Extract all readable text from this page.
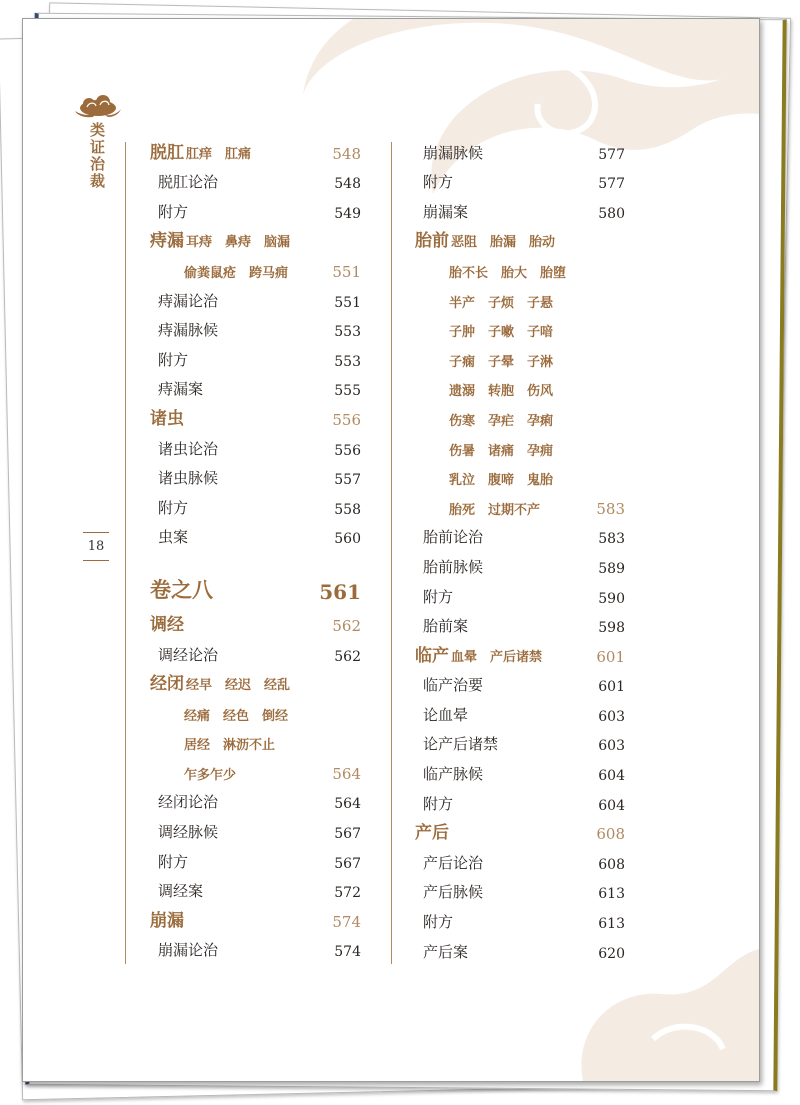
类证治裁
18
脱肛 肛痒　肛痛	548
脱肛论治	548
附方	549
痔漏 耳痔　鼻痔　脑漏
偷粪鼠疮　跨马痈	551
痔漏论治	551
痔漏脉候	553
附方	553
痔漏案	555
诸虫	556
诸虫论治	556
诸虫脉候	557
附方	558
虫案	560
卷之八	561
调经	562
调经论治	562
经闭 经早　经迟　经乱
经痛　经色　倒经
居经　淋沥不止
乍多乍少	564
经闭论治	564
调经脉候	567
附方	567
调经案	572
崩漏	574
崩漏论治	574
崩漏脉候	577
附方	577
崩漏案	580
胎前 恶阻　胎漏　胎动
胎不长　胎大　胎堕
半产　子烦　子悬
子肿　子嗽　子喑
子痫　子晕　子淋
遗溺　转胞　伤风
伤寒　孕疟　孕痢
伤暑　诸痛　孕痈
乳泣　腹啼　鬼胎
胎死　过期不产	583
胎前论治	583
胎前脉候	589
附方	590
胎前案	598
临产 血晕　产后诸禁	601
临产治要	601
论血晕	603
论产后诸禁	603
临产脉候	604
附方	604
产后	608
产后论治	608
产后脉候	613
附方	613
产后案	620
